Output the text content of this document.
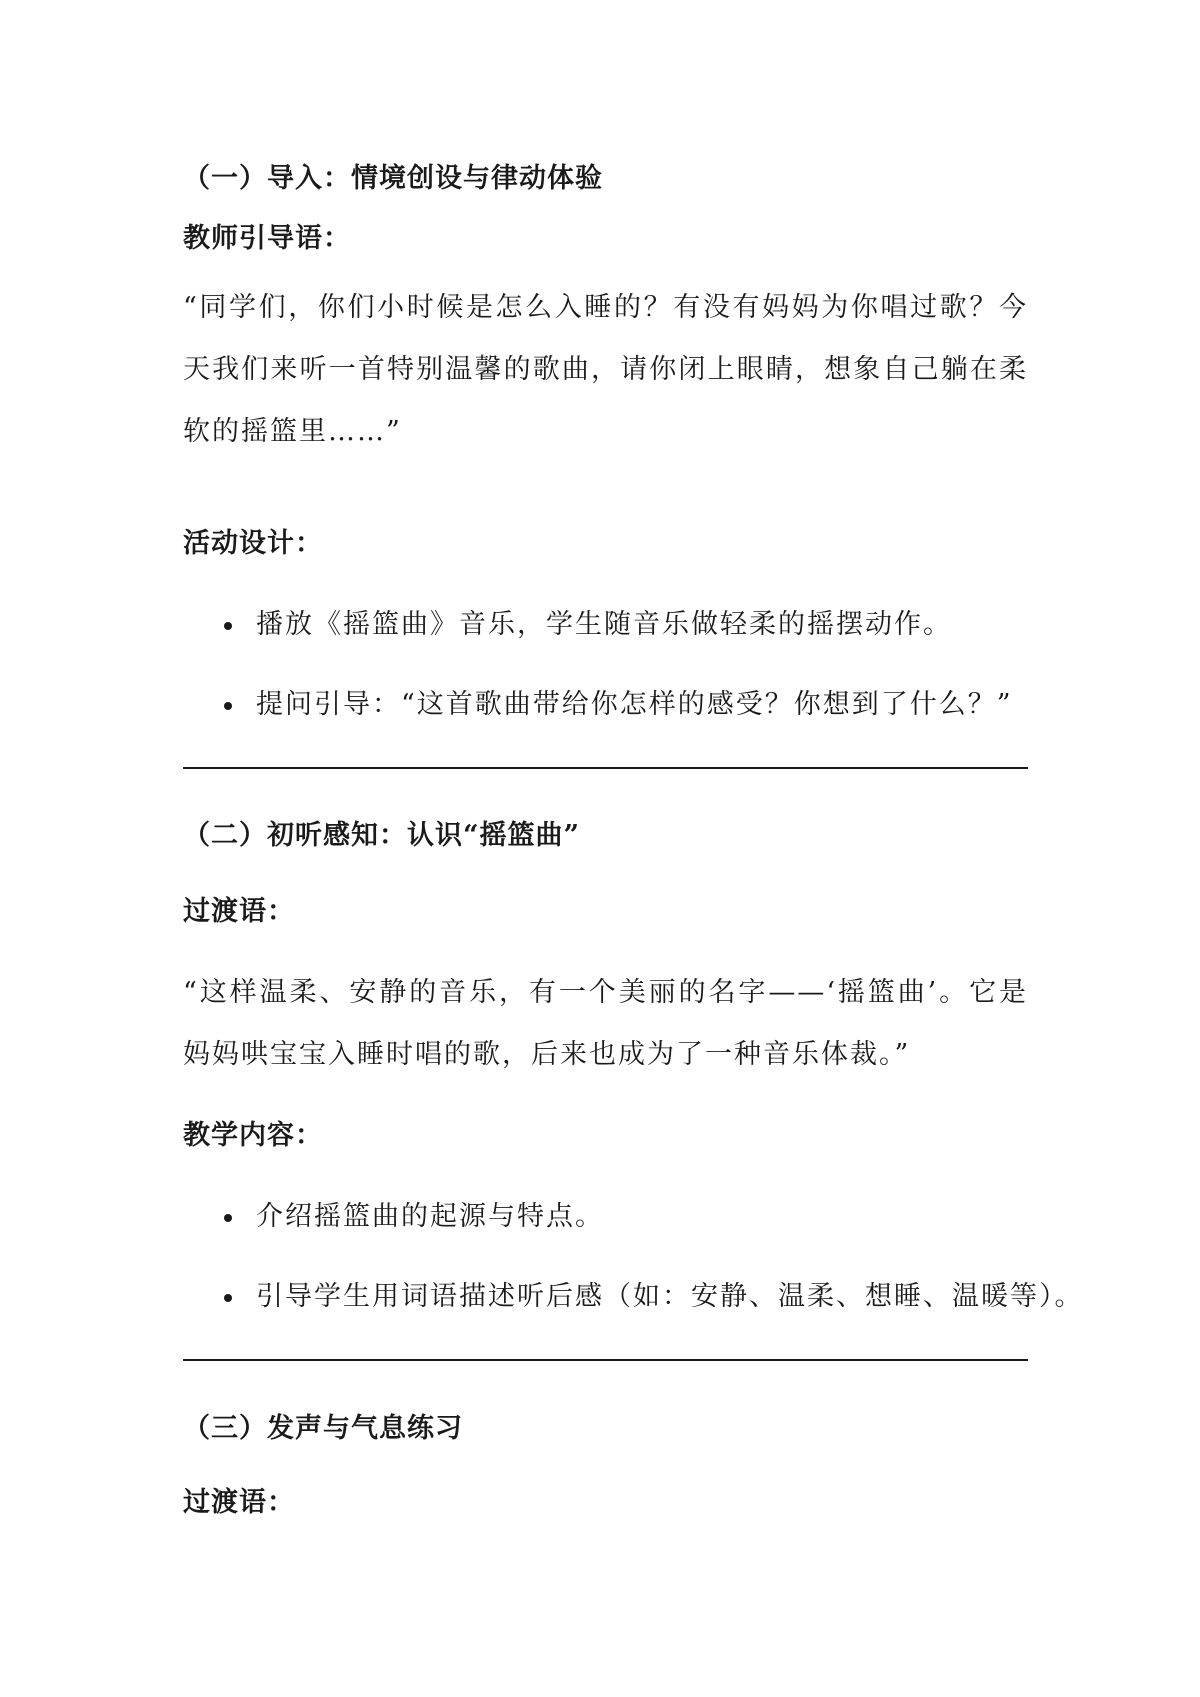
（一）导入：情境创设与律动体验
教师引导语：

“同学们，你们小时候是怎么入睡的？有没有妈妈为你唱过歌？今天我们来听一首特别温馨的歌曲，请你闭上眼睛，想象自己躺在柔软的摇篮里……”

活动设计：
播放《摇篮曲》音乐，学生随音乐做轻柔的摇摆动作。
提问引导：“这首歌曲带给你怎样的感受？你想到了什么？”
（二）初听感知：认识“摇篮曲”
过渡语：

“这样温柔、安静的音乐，有一个美丽的名字——‘摇篮曲’。它是妈妈哄宝宝入睡时唱的歌，后来也成为了一种音乐体裁。”

教学内容：
介绍摇篮曲的起源与特点。
引导学生用词语描述听后感（如：安静、温柔、想睡、温暖等）。
（三）发声与气息练习
过渡语：
